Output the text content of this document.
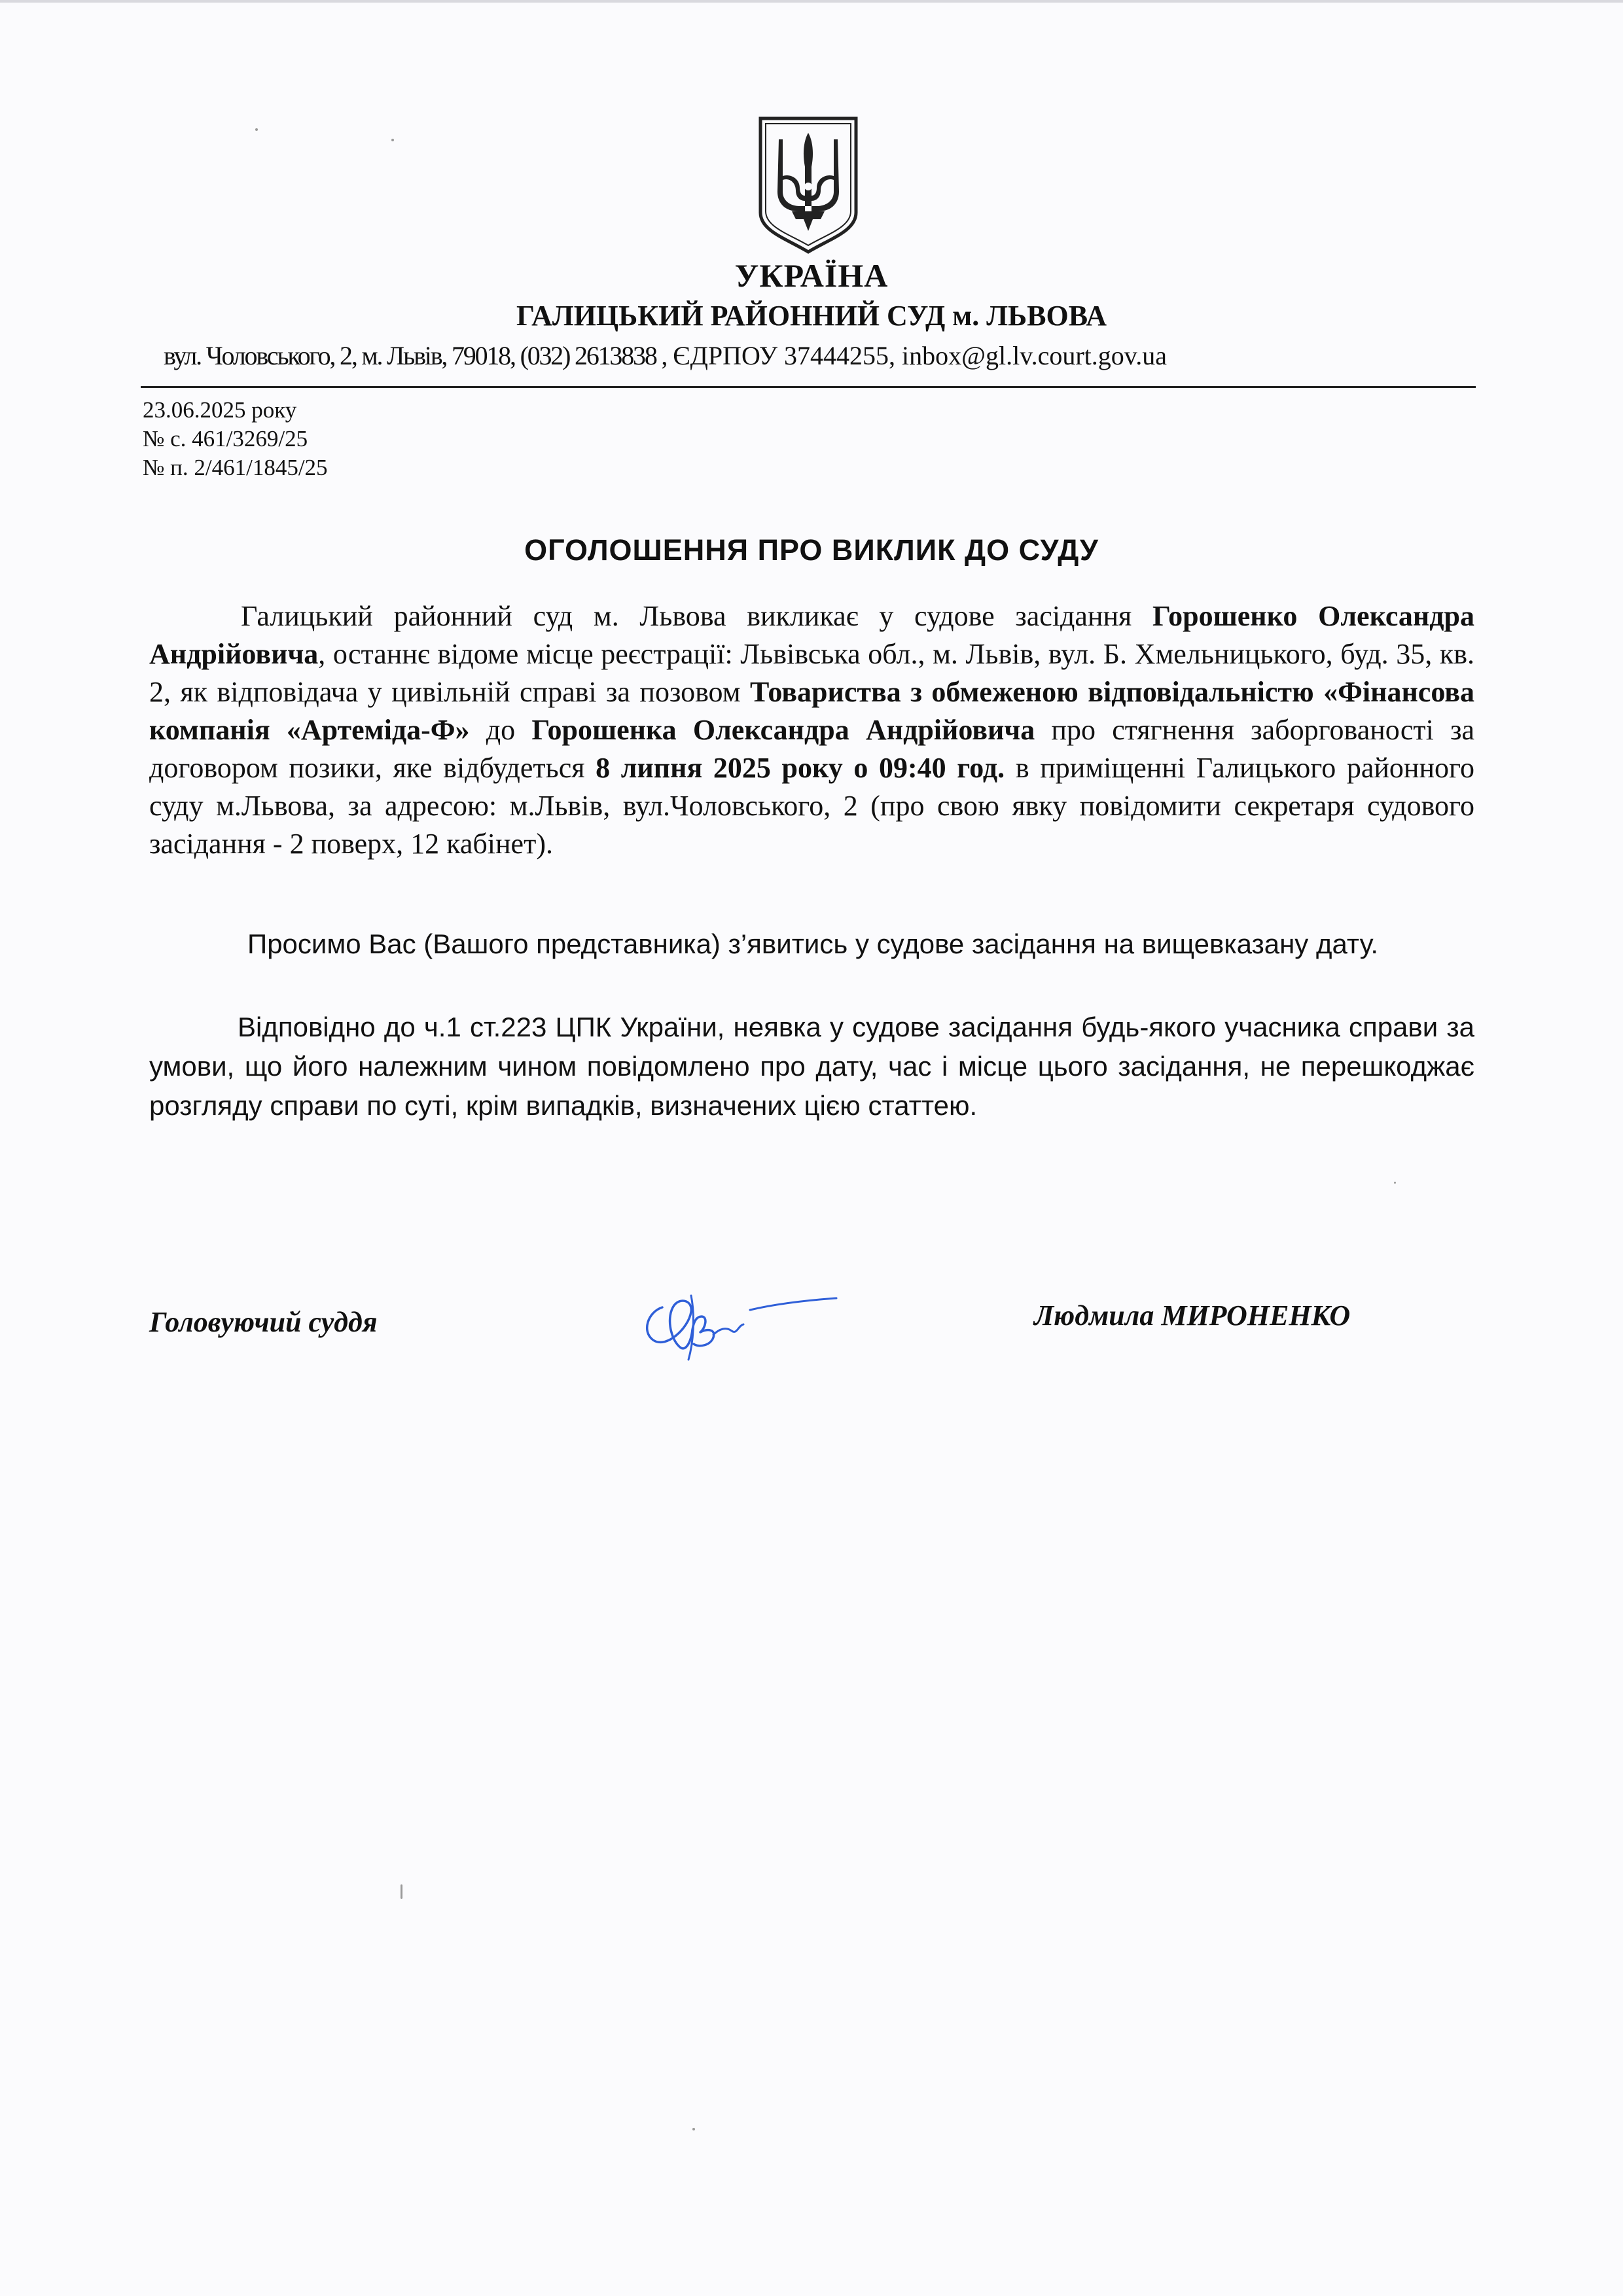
УКРАЇНА
ГАЛИЦЬКИЙ РАЙОННИЙ СУД м. ЛЬВОВА
вул. Чоловського, 2, м. Львів, 79018, (032) 2613838 , ЄДРПОУ 37444255, inbox@gl.lv.court.gov.ua
23.06.2025 року
№ с. 461/3269/25
№ п. 2/461/1845/25
ОГОЛОШЕННЯ ПРО ВИКЛИК ДО СУДУ
Галицький районний суд м. Львова викликає у судове засідання Горошенко Олександра Андрійовича, останнє відоме місце реєстрації: Львівська обл., м. Львів, вул. Б. Хмельницького, буд. 35, кв. 2, як відповідача у цивільній справі за позовом Товариства з обмеженою відповідальністю «Фінансова компанія «Артеміда-Ф» до Горошенка Олександра Андрійовича про стягнення заборгованості за договором позики, яке відбудеться 8 липня 2025 року о 09:40 год. в приміщенні Галицького районного суду м.Львова, за адресою: м.Львів, вул.Чоловського, 2 (про свою явку повідомити секретаря судового засідання - 2 поверх, 12 кабінет).
Просимо Вас (Вашого представника) з’явитись у судове засідання на вищевказану дату.
Відповідно до ч.1 ст.223 ЦПК України, неявка у судове засідання будь-якого учасника справи за умови, що його належним чином повідомлено про дату, час і місце цього засідання, не перешкоджає розгляду справи по суті, крім випадків, визначених цією статтею.
Головуючий суддя	Людмила МИРОНЕНКО
